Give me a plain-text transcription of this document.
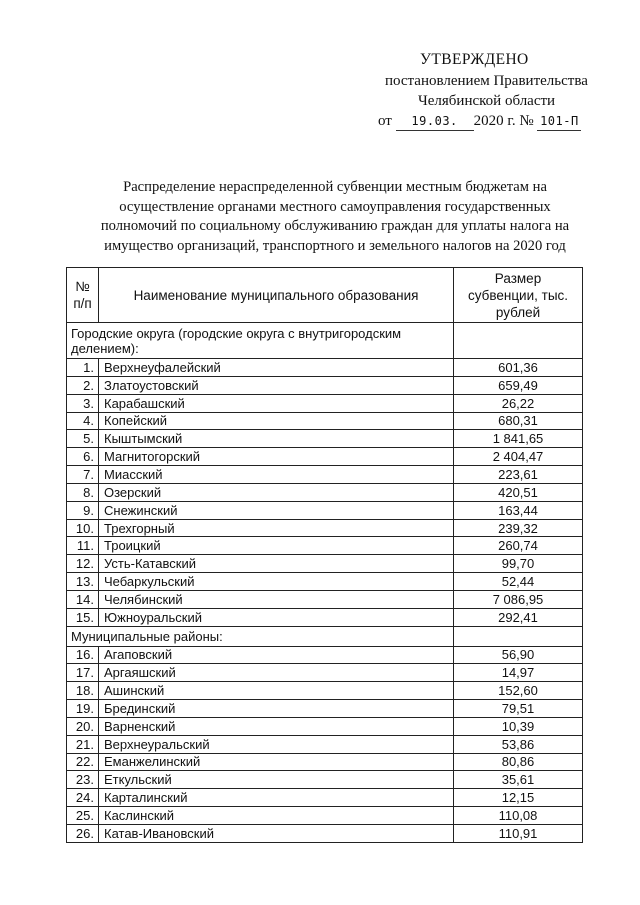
УТВЕРЖДЕНО
постановлением Правительства
Челябинской области
от 19.03. 2020 г. № 101-П
Распределение нераспределенной субвенции местным бюджетам на осуществление органами местного самоуправления государственных полномочий по социальному обслуживанию граждан для уплаты налога на имущество организаций, транспортного и земельного налогов на 2020 год
№ п/п	Наименование муниципального образования	Размер субвенции, тыс. рублей
Городские округа (городские округа с внутригородским делением):		
1.	Верхнеуфалейский	601,36
2.	Златоустовский	659,49
3.	Карабашский	26,22
4.	Копейский	680,31
5.	Кыштымский	1 841,65
6.	Магнитогорский	2 404,47
7.	Миасский	223,61
8.	Озерский	420,51
9.	Снежинский	163,44
10.	Трехгорный	239,32
11.	Троицкий	260,74
12.	Усть-Катавский	99,70
13.	Чебаркульский	52,44
14.	Челябинский	7 086,95
15.	Южноуральский	292,41
Муниципальные районы:		
16.	Агаповский	56,90
17.	Аргаяшский	14,97
18.	Ашинский	152,60
19.	Брединский	79,51
20.	Варненский	10,39
21.	Верхнеуральский	53,86
22.	Еманжелинский	80,86
23.	Еткульский	35,61
24.	Карталинский	12,15
25.	Каслинский	110,08
26.	Катав-Ивановский	110,91
